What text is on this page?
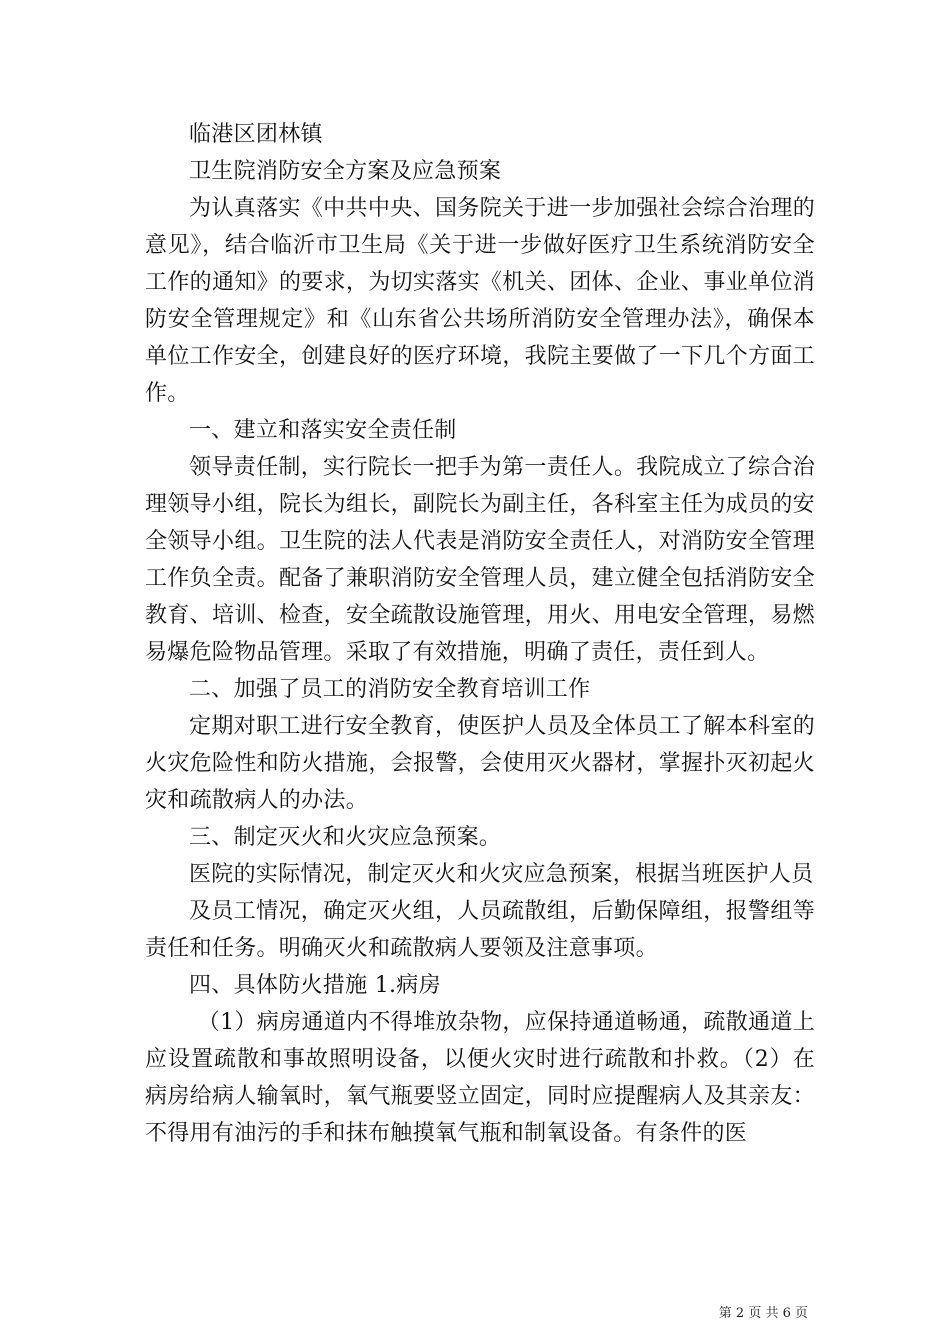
临港区团林镇

卫生院消防安全方案及应急预案

为认真落实《中共中央、国务院关于进一步加强社会综合治理的意见》，结合临沂市卫生局《关于进一步做好医疗卫生系统消防安全工作的通知》的要求，为切实落实《机关、团体、企业、事业单位消防安全管理规定》和《山东省公共场所消防安全管理办法》，确保本单位工作安全，创建良好的医疗环境，我院主要做了一下几个方面工作。

一、建立和落实安全责任制

领导责任制，实行院长一把手为第一责任人。我院成立了综合治理领导小组，院长为组长，副院长为副主任，各科室主任为成员的安全领导小组。卫生院的法人代表是消防安全责任人，对消防安全管理工作负全责。配备了兼职消防安全管理人员，建立健全包括消防安全教育、培训、检查，安全疏散设施管理，用火、用电安全管理，易燃易爆危险物品管理。采取了有效措施，明确了责任，责任到人。

二、加强了员工的消防安全教育培训工作

定期对职工进行安全教育，使医护人员及全体员工了解本科室的火灾危险性和防火措施，会报警，会使用灭火器材，掌握扑灭初起火灾和疏散病人的办法。

三、制定灭火和火灾应急预案。

医院的实际情况，制定灭火和火灾应急预案，根据当班医护人员

及员工情况，确定灭火组，人员疏散组，后勤保障组，报警组等责任和任务。明确灭火和疏散病人要领及注意事项。

四、具体防火措施 1.病房

（1）病房通道内不得堆放杂物，应保持通道畅通，疏散通道上应设置疏散和事故照明设备，以便火灾时进行疏散和扑救。（2）在病房给病人输氧时，氧气瓶要竖立固定，同时应提醒病人及其亲友：不得用有油污的手和抹布触摸氧气瓶和制氧设备。有条件的医

第 2 页 共 6 页
